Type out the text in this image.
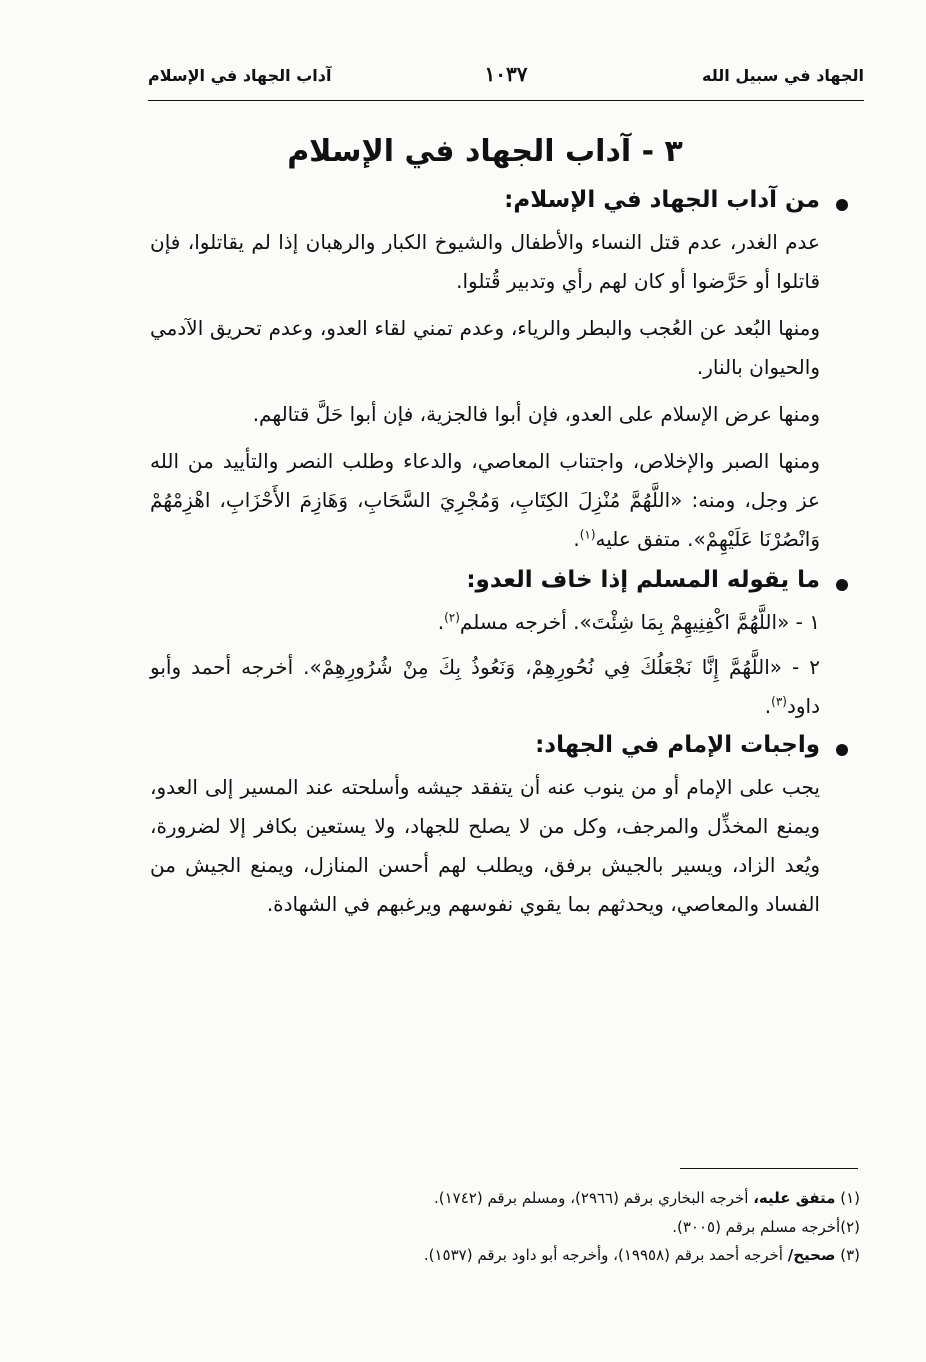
الجهاد في سبيل الله
١٠٣٧
آداب الجهاد في الإسلام
٣ - آداب الجهاد في الإسلام
من آداب الجهاد في الإسلام:

عدم الغدر، عدم قتل النساء والأطفال والشيوخ الكبار والرهبان إذا لم يقاتلوا، فإن قاتلوا أو حَرَّضوا أو كان لهم رأي وتدبير قُتلوا.

ومنها البُعد عن العُجب والبطر والرياء، وعدم تمني لقاء العدو، وعدم تحريق الآدمي والحيوان بالنار.

ومنها عرض الإسلام على العدو، فإن أبوا فالجزية، فإن أبوا حَلَّ قتالهم.

ومنها الصبر والإخلاص، واجتناب المعاصي، والدعاء وطلب النصر والتأييد من الله عز وجل، ومنه: «اللَّهُمَّ مُنْزِلَ الكِتَابِ، وَمُجْرِيَ السَّحَابِ، وَهَازِمَ الأَحْزَابِ، اهْزِمْهُمْ وَانْصُرْنَا عَلَيْهِمْ». متفق عليه$^{(١)}$.

ما يقوله المسلم إذا خاف العدو:

١ - «اللَّهُمَّ اكْفِنِيهِمْ بِمَا شِئْتَ». أخرجه مسلم$^{(٢)}$.

٢ - «اللَّهُمَّ إِنَّا نَجْعَلُكَ فِي نُحُورِهِمْ، وَنَعُوذُ بِكَ مِنْ شُرُورِهِمْ». أخرجه أحمد وأبو داود$^{(٣)}$.

واجبات الإمام في الجهاد:

يجب على الإمام أو من ينوب عنه أن يتفقد جيشه وأسلحته عند المسير إلى العدو، ويمنع المخذِّل والمرجف، وكل من لا يصلح للجهاد، ولا يستعين بكافر إلا لضرورة، ويُعد الزاد، ويسير بالجيش برفق، ويطلب لهم أحسن المنازل، ويمنع الجيش من الفساد والمعاصي، ويحدثهم بما يقوي نفوسهم ويرغبهم في الشهادة.

(١) متفق عليه، أخرجه البخاري برقم (٢٩٦٦)، ومسلم برقم (١٧٤٢).
(٢)أخرجه مسلم برقم (٣٠٠٥).
(٣) صحيح/ أخرجه أحمد برقم (١٩٩٥٨)، وأخرجه أبو داود برقم (١٥٣٧).
